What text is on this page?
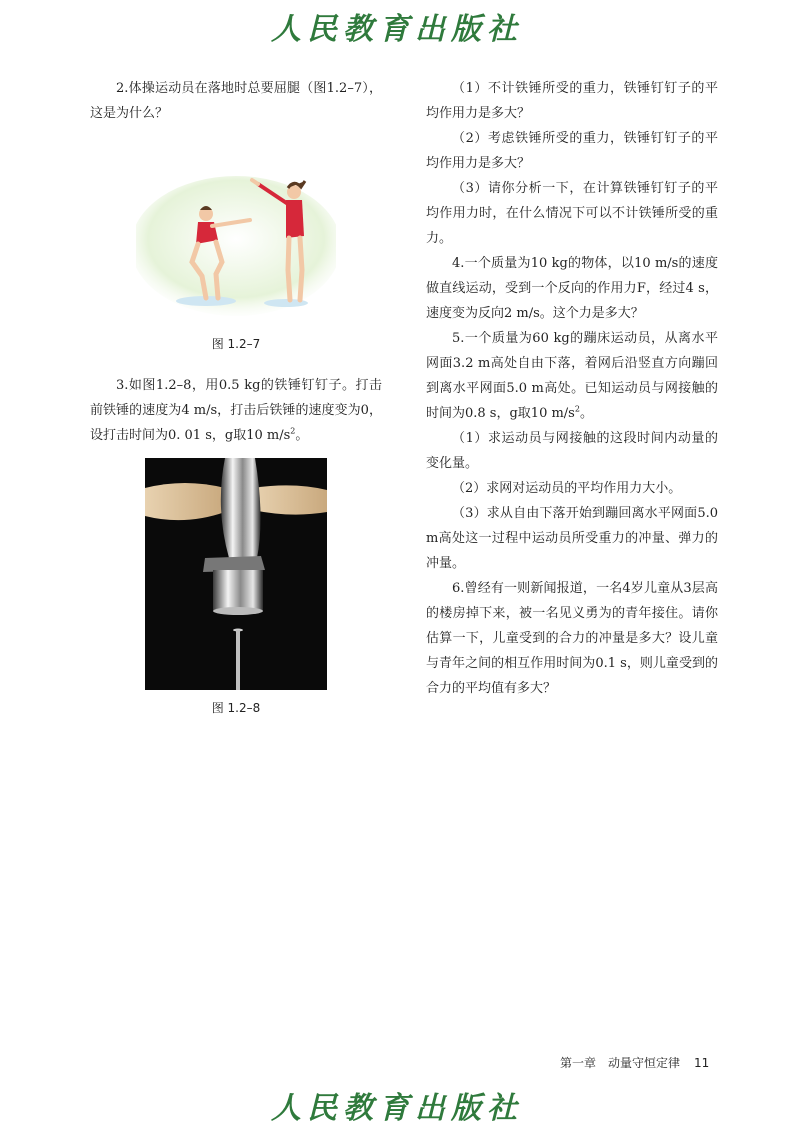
人民教育出版社

2.体操运动员在落地时总要屈腿（图1.2–7），这是为什么？

图 1.2–7

3.如图1.2–8，用0.5 kg的铁锤钉钉子。打击前铁锤的速度为4 m/s，打击后铁锤的速度变为0，设打击时间为0. 01 s，g取10 $m/s^2$。

图 1.2–8

（1）不计铁锤所受的重力，铁锤钉钉子的平均作用力是多大？

（2）考虑铁锤所受的重力，铁锤钉钉子的平均作用力是多大？

（3）请你分析一下，在计算铁锤钉钉子的平均作用力时，在什么情况下可以不计铁锤所受的重力。

4.一个质量为10 kg的物体，以10 m/s的速度做直线运动，受到一个反向的作用力F，经过4 s，速度变为反向2 m/s。这个力是多大？

5.一个质量为60 kg的蹦床运动员，从离水平网面3.2 m高处自由下落，着网后沿竖直方向蹦回到离水平网面5.0 m高处。已知运动员与网接触的时间为0.8 s，g取10 $m/s^2$。

（1）求运动员与网接触的这段时间内动量的变化量。

（2）求网对运动员的平均作用力大小。

（3）求从自由下落开始到蹦回离水平网面5.0 m高处这一过程中运动员所受重力的冲量、弹力的冲量。

6.曾经有一则新闻报道，一名4岁儿童从3层高的楼房掉下来，被一名见义勇为的青年接住。请你估算一下，儿童受到的合力的冲量是多大？设儿童与青年之间的相互作用时间为0.1 s，则儿童受到的合力的平均值有多大？

第一章　动量守恒定律 11
人民教育出版社
